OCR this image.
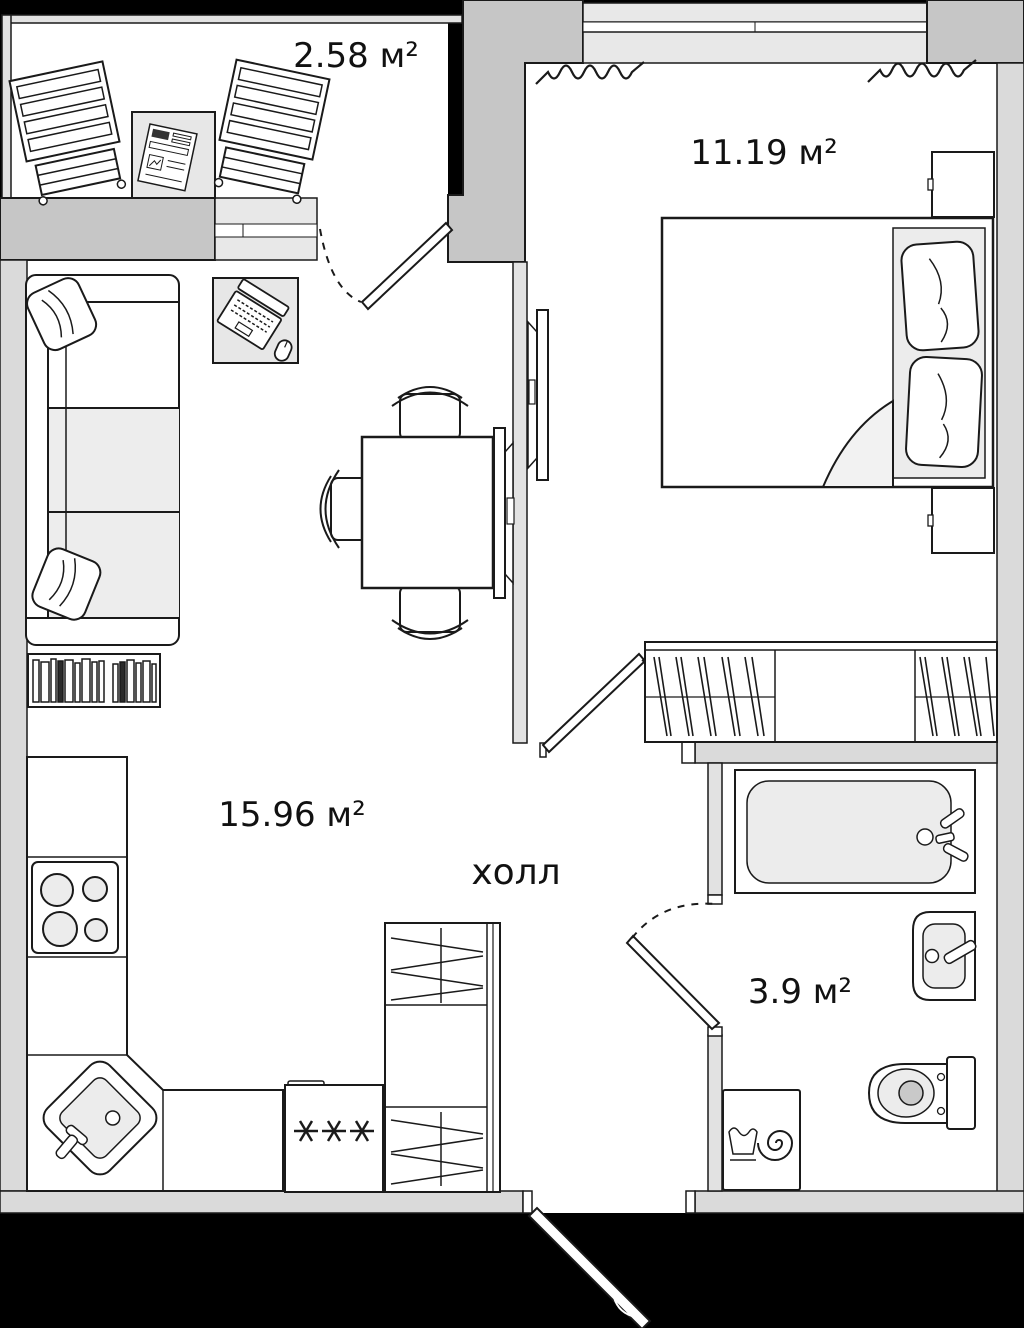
2.58 м²
11.19 м²
15.96 м²
холл
3.9 м²
